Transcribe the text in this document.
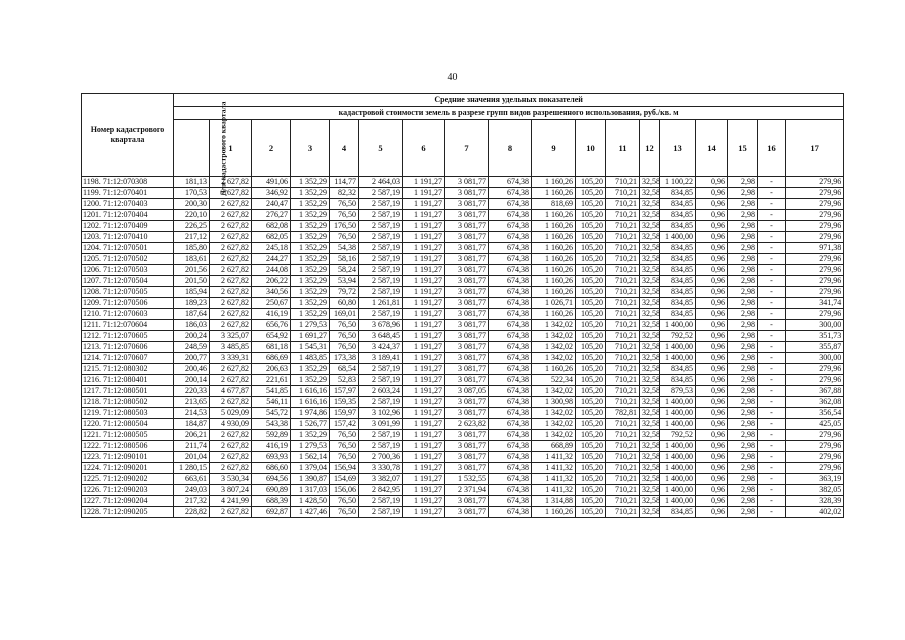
40
Номер кадастрового квартала	Средние значения удельных показателей																	
	кадастровой стоимости земель в разрезе групп видов разрешенного использования, руб./кв. м																	
	Для кадастрового квартала	1	2	3	4	5	6	7	8	9	10	11	12	13	14	15	16	17
1198. 71:12:070308	181,13	2 627,82	491,06	1 352,29	114,77	2 464,03	1 191,27	3 081,77	674,38	1 160,26	105,20	710,21	32,58	1 100,22	0,96	2,98	-	279,96
1199. 71:12:070401	170,53	2 627,82	346,92	1 352,29	82,32	2 587,19	1 191,27	3 081,77	674,38	1 160,26	105,20	710,21	32,58	834,85	0,96	2,98	-	279,96
1200. 71:12:070403	200,30	2 627,82	240,47	1 352,29	76,50	2 587,19	1 191,27	3 081,77	674,38	818,69	105,20	710,21	32,58	834,85	0,96	2,98	-	279,96
1201. 71:12:070404	220,10	2 627,82	276,27	1 352,29	76,50	2 587,19	1 191,27	3 081,77	674,38	1 160,26	105,20	710,21	32,58	834,85	0,96	2,98	-	279,96
1202. 71:12:070409	226,25	2 627,82	682,08	1 352,29	176,50	2 587,19	1 191,27	3 081,77	674,38	1 160,26	105,20	710,21	32,58	834,85	0,96	2,98	-	279,96
1203. 71:12:070410	217,12	2 627,82	682,05	1 352,29	76,50	2 587,19	1 191,27	3 081,77	674,38	1 160,26	105,20	710,21	32,58	1 400,00	0,96	2,98	-	279,96
1204. 71:12:070501	185,80	2 627,82	245,18	1 352,29	54,38	2 587,19	1 191,27	3 081,77	674,38	1 160,26	105,20	710,21	32,58	834,85	0,96	2,98	-	971,38
1205. 71:12:070502	183,61	2 627,82	244,27	1 352,29	58,16	2 587,19	1 191,27	3 081,77	674,38	1 160,26	105,20	710,21	32,58	834,85	0,96	2,98	-	279,96
1206. 71:12:070503	201,56	2 627,82	244,08	1 352,29	58,24	2 587,19	1 191,27	3 081,77	674,38	1 160,26	105,20	710,21	32,58	834,85	0,96	2,98	-	279,96
1207. 71:12:070504	201,50	2 627,82	206,22	1 352,29	53,94	2 587,19	1 191,27	3 081,77	674,38	1 160,26	105,20	710,21	32,58	834,85	0,96	2,98	-	279,96
1208. 71:12:070505	185,94	2 627,82	340,56	1 352,29	79,72	2 587,19	1 191,27	3 081,77	674,38	1 160,26	105,20	710,21	32,58	834,85	0,96	2,98	-	279,96
1209. 71:12:070506	189,23	2 627,82	250,67	1 352,29	60,80	1 261,81	1 191,27	3 081,77	674,38	1 026,71	105,20	710,21	32,58	834,85	0,96	2,98	-	341,74
1210. 71:12:070603	187,64	2 627,82	416,19	1 352,29	169,01	2 587,19	1 191,27	3 081,77	674,38	1 160,26	105,20	710,21	32,58	834,85	0,96	2,98	-	279,96
1211. 71:12:070604	186,03	2 627,82	656,76	1 279,53	76,50	3 678,96	1 191,27	3 081,77	674,38	1 342,02	105,20	710,21	32,58	1 400,00	0,96	2,98	-	300,00
1212. 71:12:070605	200,24	3 325,07	654,92	1 691,27	76,50	3 648,45	1 191,27	3 081,77	674,38	1 342,02	105,20	710,21	32,58	792,52	0,96	2,98	-	351,73
1213. 71:12:070606	248,59	3 485,85	681,18	1 545,31	76,50	3 424,37	1 191,27	3 081,77	674,38	1 342,02	105,20	710,21	32,58	1 400,00	0,96	2,98	-	355,87
1214. 71:12:070607	200,77	3 339,31	686,69	1 483,85	173,38	3 189,41	1 191,27	3 081,77	674,38	1 342,02	105,20	710,21	32,58	1 400,00	0,96	2,98	-	300,00
1215. 71:12:080302	200,46	2 627,82	206,63	1 352,29	68,54	2 587,19	1 191,27	3 081,77	674,38	1 160,26	105,20	710,21	32,58	834,85	0,96	2,98	-	279,96
1216. 71:12:080401	200,14	2 627,82	221,61	1 352,29	52,83	2 587,19	1 191,27	3 081,77	674,38	522,34	105,20	710,21	32,58	834,85	0,96	2,98	-	279,96
1217. 71:12:080501	220,33	4 677,87	541,85	1 616,16	157,97	2 603,24	1 191,27	3 087,05	674,38	1 342,02	105,20	710,21	32,58	879,53	0,96	2,98	-	367,88
1218. 71:12:080502	213,65	2 627,82	546,11	1 616,16	159,35	2 587,19	1 191,27	3 081,77	674,38	1 300,98	105,20	710,21	32,58	1 400,00	0,96	2,98	-	362,08
1219. 71:12:080503	214,53	5 029,09	545,72	1 974,86	159,97	3 102,96	1 191,27	3 081,77	674,38	1 342,02	105,20	782,81	32,58	1 400,00	0,96	2,98	-	356,54
1220. 71:12:080504	184,87	4 930,09	543,38	1 526,77	157,42	3 091,99	1 191,27	2 623,82	674,38	1 342,02	105,20	710,21	32,58	1 400,00	0,96	2,98	-	425,05
1221. 71:12:080505	206,21	2 627,82	592,89	1 352,29	76,50	2 587,19	1 191,27	3 081,77	674,38	1 342,02	105,20	710,21	32,58	792,52	0,96	2,98	-	279,96
1222. 71:12:080506	211,74	2 627,82	416,19	1 279,53	76,50	2 587,19	1 191,27	3 081,77	674,38	668,89	105,20	710,21	32,58	1 400,00	0,96	2,98	-	279,96
1223. 71:12:090101	201,04	2 627,82	693,93	1 562,14	76,50	2 700,36	1 191,27	3 081,77	674,38	1 411,32	105,20	710,21	32,58	1 400,00	0,96	2,98	-	279,96
1224. 71:12:090201	1 280,15	2 627,82	686,60	1 379,04	156,94	3 330,78	1 191,27	3 081,77	674,38	1 411,32	105,20	710,21	32,58	1 400,00	0,96	2,98	-	279,96
1225. 71:12:090202	663,61	3 530,34	694,56	1 390,87	154,69	3 382,07	1 191,27	1 532,55	674,38	1 411,32	105,20	710,21	32,58	1 400,00	0,96	2,98	-	363,19
1226. 71:12:090203	249,03	3 807,24	690,89	1 317,03	156,06	2 842,95	1 191,27	2 371,94	674,38	1 411,32	105,20	710,21	32,58	1 400,00	0,96	2,98	-	382,05
1227. 71:12:090204	217,32	4 241,99	688,39	1 428,50	76,50	2 587,19	1 191,27	3 081,77	674,38	1 314,88	105,20	710,21	32,58	1 400,00	0,96	2,98	-	328,39
1228. 71:12:090205	228,82	2 627,82	692,87	1 427,46	76,50	2 587,19	1 191,27	3 081,77	674,38	1 160,26	105,20	710,21	32,58	834,85	0,96	2,98	-	402,02
